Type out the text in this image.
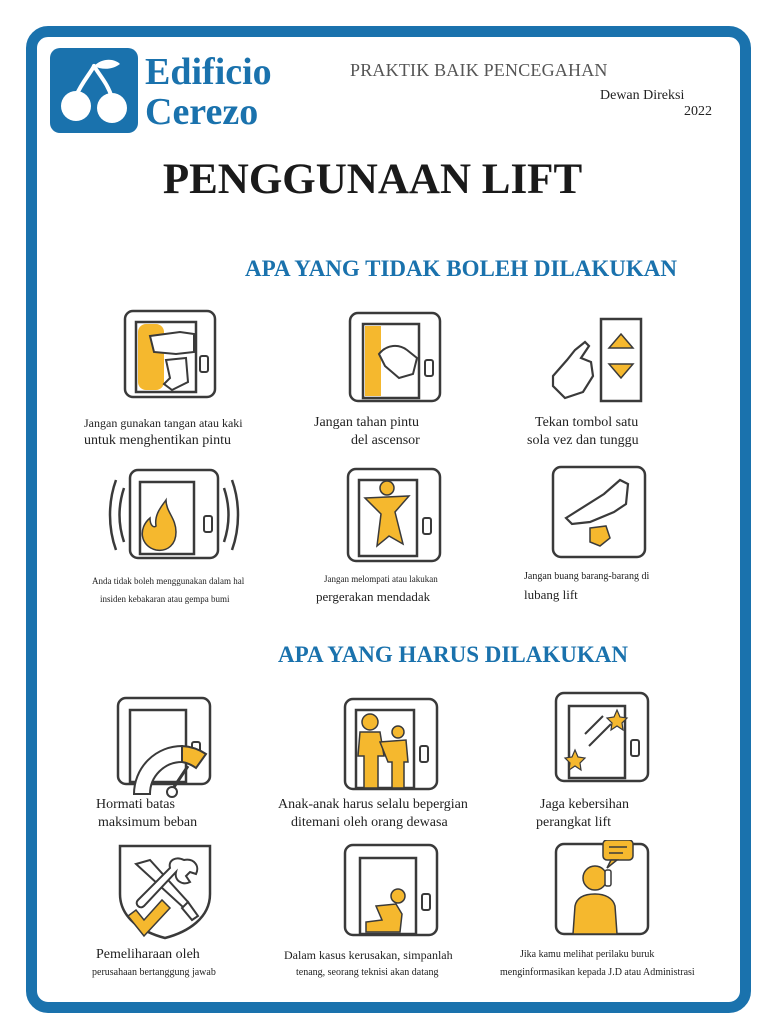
Edificio
Cerezo
PRAKTIK BAIK PENCEGAHAN
Dewan Direksi
2022
PENGGUNAAN LIFT
APA YANG TIDAK BOLEH DILAKUKAN
Jangan gunakan tangan atau kaki
untuk menghentikan pintu
Jangan tahan pintu
del ascensor
Tekan tombol satu
sola vez dan tunggu
Anda tidak boleh menggunakan dalam hal
insiden kebakaran atau gempa bumi
Jangan melompati atau lakukan
pergerakan mendadak
Jangan buang barang-barang di
lubang lift
APA YANG HARUS DILAKUKAN
Hormati batas
maksimum beban
Anak-anak harus selalu bepergian
ditemani oleh orang dewasa
Jaga kebersihan
perangkat lift
Pemeliharaan oleh
perusahaan bertanggung jawab
Dalam kasus kerusakan, simpanlah
tenang, seorang teknisi akan datang
Jika kamu melihat perilaku buruk
menginformasikan kepada J.D atau Administrasi
